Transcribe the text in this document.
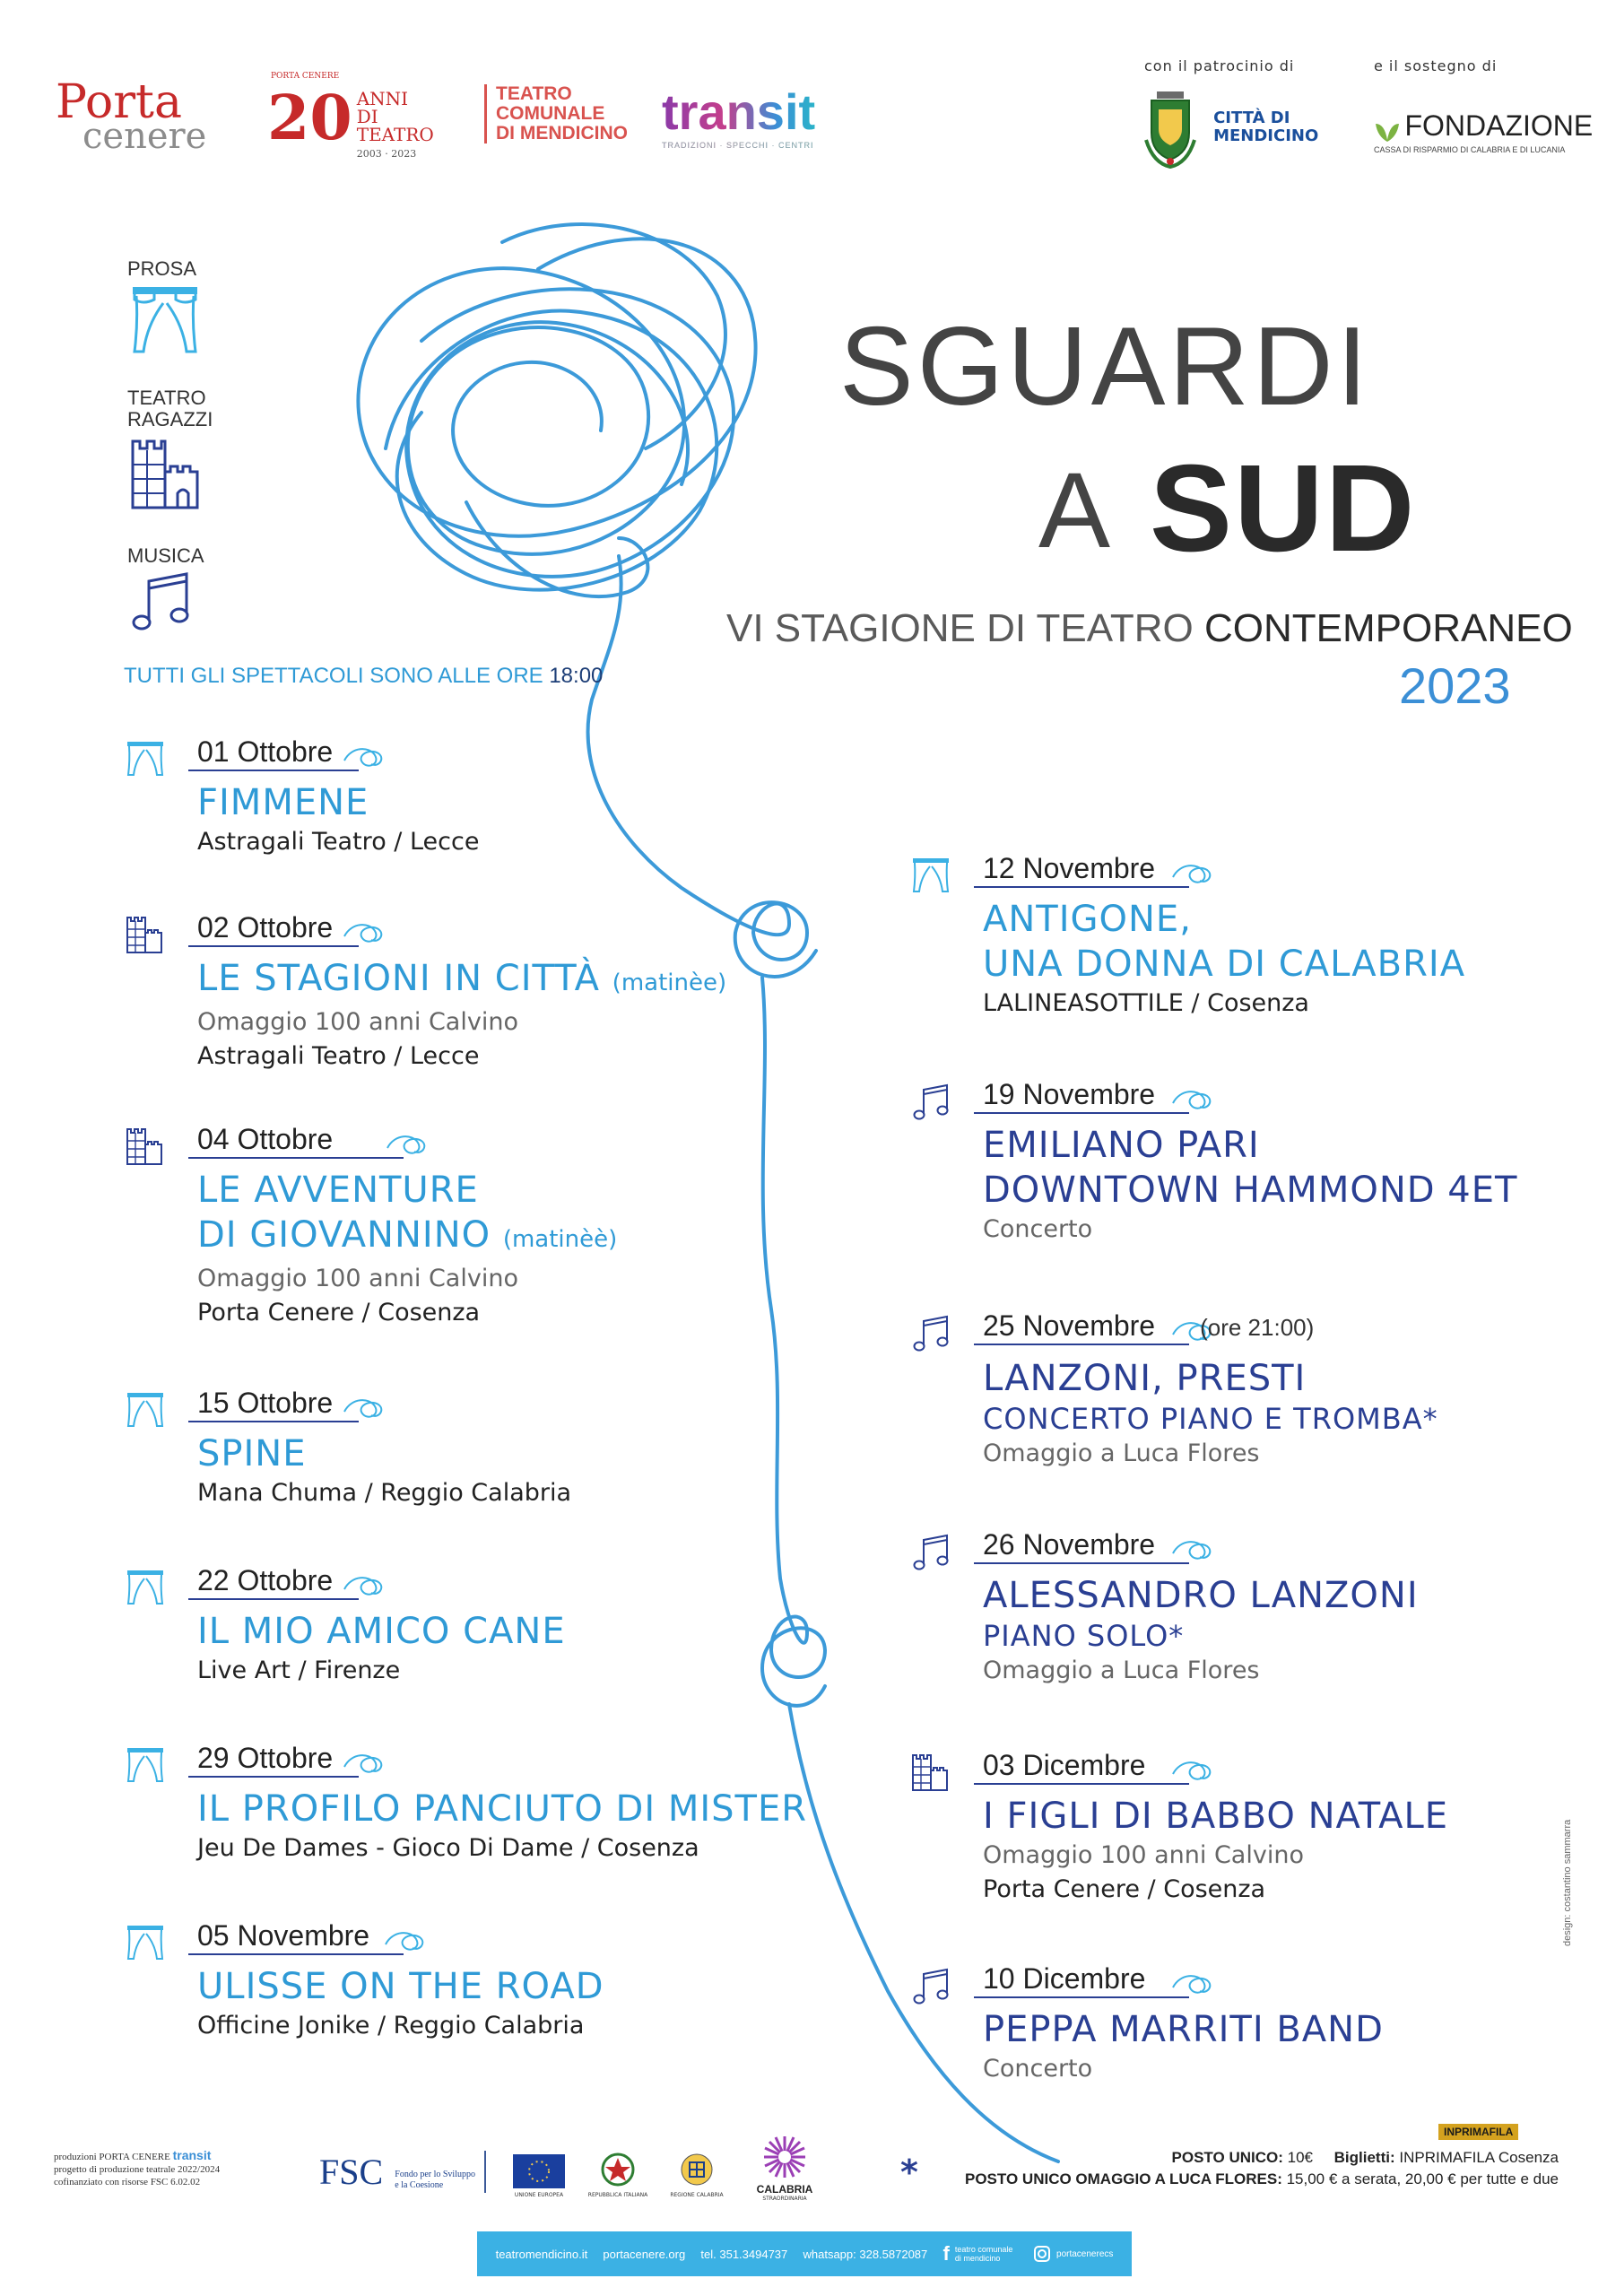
Porta
cenere
PORTA CENERE
20 ANNI
DI
TEATRO
2003 · 2023
TEATRO
COMUNALE
DI MENDICINO transit
TRADIZIONI · SPECCHI · CENTRI
con il patrocinio di	e il sostegno di
CITTÀ DI
MENDICINO	FONDAZIONE
CASSA DI RISPARMIO DI CALABRIA E DI LUCANIA
PROSA
TEATRO
RAGAZZI
MUSICA
SGUARDI
A SUD
VI STAGIONE DI TEATRO CONTEMPORANEO
2023
TUTTI GLI SPETTACOLI SONO ALLE ORE 18:00
01 Ottobre
FIMMENE
Astragali Teatro / Lecce
02 Ottobre
LE STAGIONI IN CITTÀ (matinèe)
Omaggio 100 anni Calvino
Astragali Teatro / Lecce
04 Ottobre
LE AVVENTURE
DI GIOVANNINO (matinèè)
Omaggio 100 anni Calvino
Porta Cenere / Cosenza
15 Ottobre
SPINE
Mana Chuma / Reggio Calabria
22 Ottobre
IL MIO AMICO CANE
Live Art / Firenze
29 Ottobre
IL PROFILO PANCIUTO DI MISTER
Jeu De Dames - Gioco Di Dame / Cosenza
05 Novembre
ULISSE ON THE ROAD
Officine Jonike / Reggio Calabria
12 Novembre
ANTIGONE,
UNA DONNA DI CALABRIA
LALINEASOTTILE / Cosenza
19 Novembre
EMILIANO PARI
DOWNTOWN HAMMOND 4ET
Concerto
25 Novembre (ore 21:00)
LANZONI, PRESTI
CONCERTO PIANO E TROMBA*
Omaggio a Luca Flores
26 Novembre
ALESSANDRO LANZONI
PIANO SOLO*
Omaggio a Luca Flores
03 Dicembre
I FIGLI DI BABBO NATALE
Omaggio 100 anni Calvino
Porta Cenere / Cosenza
10 Dicembre
PEPPA MARRITI BAND
Concerto
design: costantino sammarra
produzioni PORTA CENERE transit
progetto di produzione teatrale 2022/2024
cofinanziato con risorse FSC 6.02.02	FSC Fondo per lo Sviluppo
e la Coesione
UNIONE EUROPEA	REPUBBLICA ITALIANA	REGIONE CALABRIA	CALABRIA
STRAORDINARIA
INPRIMAFILA
POSTO UNICO: 10€ Biglietti: INPRIMAFILA Cosenza
*	POSTO UNICO OMAGGIO A LUCA FLORES: 15,00 € a serata, 20,00 € per tutte e due
teatromendicino.it portacenere.org tel. 351.3494737 whatsapp: 328.5872087 f teatro comunale di mendicino	portacenerecs
